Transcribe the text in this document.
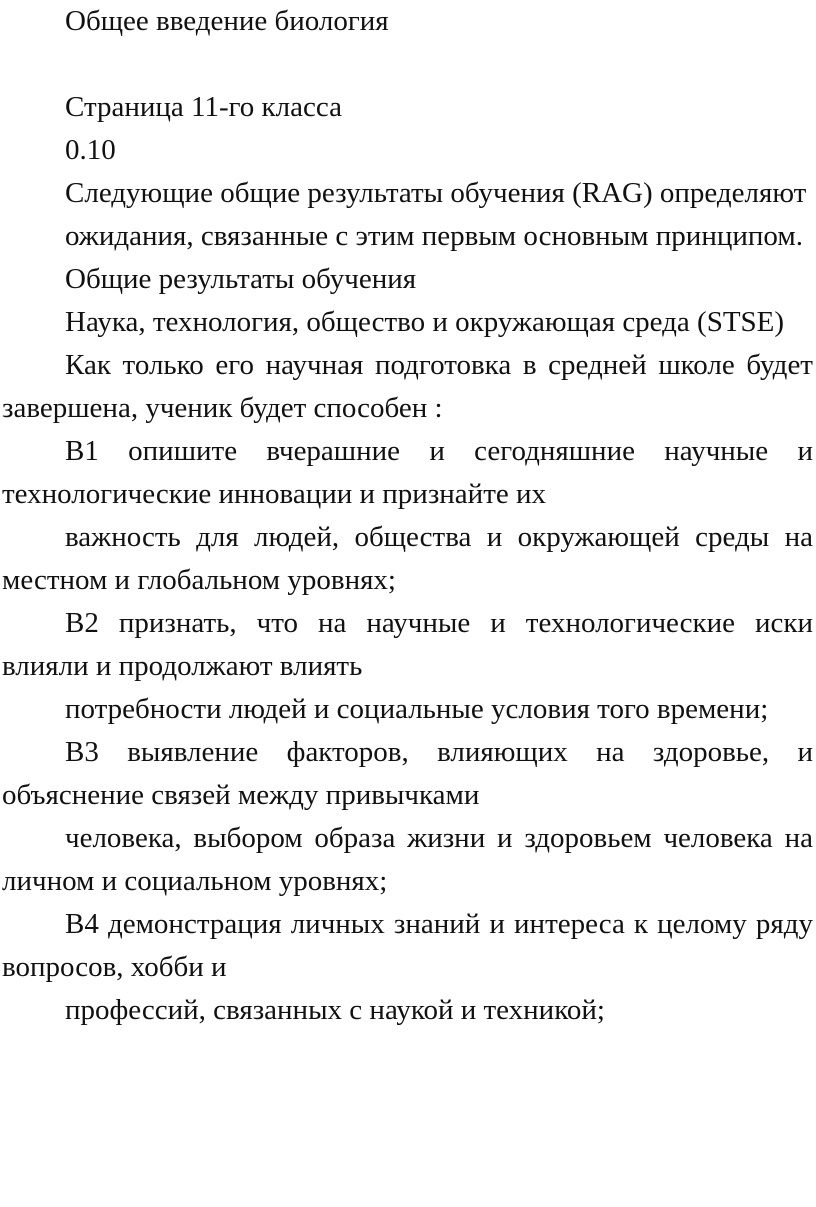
Общее введение биология

Страница 11-го класса

0.10

Следующие общие результаты обучения (RAG) определяют

ожидания, связанные с этим первым основным принципом.

Общие результаты обучения

Наука, технология, общество и окружающая среда (STSE)

Как только его научная подготовка в средней школе будет завершена, ученик будет способен :

B1 опишите вчерашние и сегодняшние научные и технологические инновации и признайте их

важность для людей, общества и окружающей среды на местном и глобальном уровнях;

B2 признать, что на научные и технологические иски влияли и продолжают влиять

потребности людей и социальные условия того времени;

B3 выявление факторов, влияющих на здоровье, и объяснение связей между привычками

человека, выбором образа жизни и здоровьем человека на личном и социальном уровнях;

B4 демонстрация личных знаний и интереса к целому ряду вопросов, хобби и

профессий, связанных с наукой и техникой;
